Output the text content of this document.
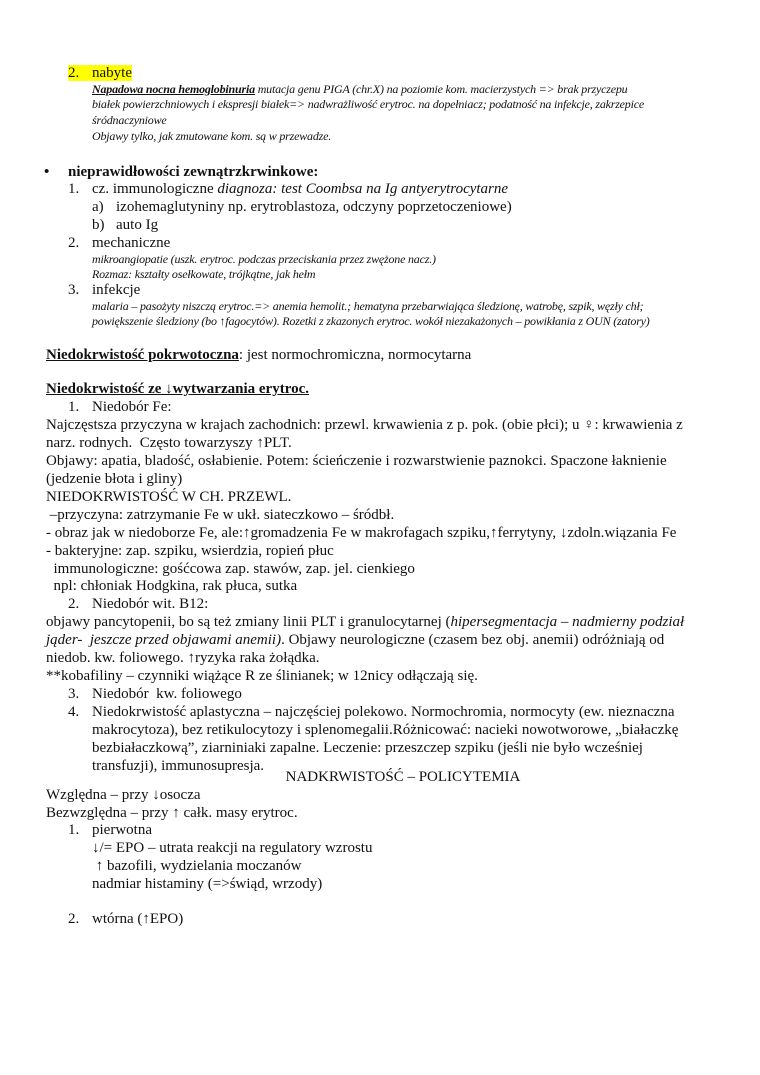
2. nabyte
Napadowa nocna hemoglobinuria mutacja genu PIGA (chr.X) na poziomie kom. macierzystych => brak przyczepu
białek powierzchniowych i ekspresji białek=> nadwrażliwość erytroc. na dopełniacz; podatność na infekcje, zakrzepice
śródnaczyniowe
Objawy tylko, jak zmutowane kom. są w przewadze.
• nieprawidłowości zewnątrzkrwinkowe:
1. cz. immunologiczne diagnoza: test Coombsa na Ig antyerytrocytarne
a) izohemaglutyniny np. erytroblastoza, odczyny poprzetoczeniowe)
b) auto Ig
2. mechaniczne
mikroangiopatie (uszk. erytroc. podczas przeciskania przez zwężone nacz.)
Rozmaz: kształty osełkowate, trójkątne, jak hełm
3. infekcje
malaria – pasożyty niszczą erytroc.=> anemia hemolit.; hematyna przebarwiająca śledzionę, watrobę, szpik, węzły chł;
powiększenie śledziony (bo ↑fagocytów). Rozetki z zkazonych erytroc. wokół niezakażonych – powikłania z OUN (zatory)
Niedokrwistość pokrwotoczna: jest normochromiczna, normocytarna
Niedokrwistość ze ↓wytwarzania erytroc.
1. Niedobór Fe:
Najczęstsza przyczyna w krajach zachodnich: przewl. krwawienia z p. pok. (obie płci); u ♀: krwawienia z
narz. rodnych.  Często towarzyszy ↑PLT.
Objawy: apatia, bladość, osłabienie. Potem: ścieńczenie i rozwarstwienie paznokci. Spaczone łaknienie
(jedzenie błota i gliny)
NIEDOKRWISTOŚĆ W CH. PRZEWL.
–przyczyna: zatrzymanie Fe w ukł. siateczkowo – śródbł.
- obraz jak w niedoborze Fe, ale:↑gromadzenia Fe w makrofagach szpiku,↑ferrytyny, ↓zdoln.wiązania Fe
- bakteryjne: zap. szpiku, wsierdzia, ropień płuc
immunologiczne: gośćcowa zap. stawów, zap. jel. cienkiego
npl: chłoniak Hodgkina, rak płuca, sutka
2. Niedobór wit. B12:
objawy pancytopenii, bo są też zmiany linii PLT i granulocytarnej (hipersegmentacja – nadmierny podział
jąder-  jeszcze przed objawami anemii). Objawy neurologiczne (czasem bez obj. anemii) odróżniają od
niedob. kw. foliowego. ↑ryzyka raka żołądka.
**kobafiliny – czynniki wiążące R ze ślinianek; w 12nicy odłączają się.
3. Niedobór  kw. foliowego
4. Niedokrwistość aplastyczna – najczęściej polekowo. Normochromia, normocyty (ew. nieznaczna
makrocytoza), bez retikulocytozy i splenomegalii.Różnicować: nacieki nowotworowe, „białaczkę
bezbiałaczkową”, ziarniniaki zapalne. Leczenie: przeszczep szpiku (jeśli nie było wcześniej
transfuzji), immunosupresja.
NADKRWISTOŚĆ – POLICYTEMIA
Względna – przy ↓osocza
Bezwzględna – przy ↑ całk. masy erytroc.
1. pierwotna
↓/= EPO – utrata reakcji na regulatory wzrostu
↑ bazofili, wydzielania moczanów
nadmiar histaminy (=>świąd, wrzody)
2. wtórna (↑EPO)
